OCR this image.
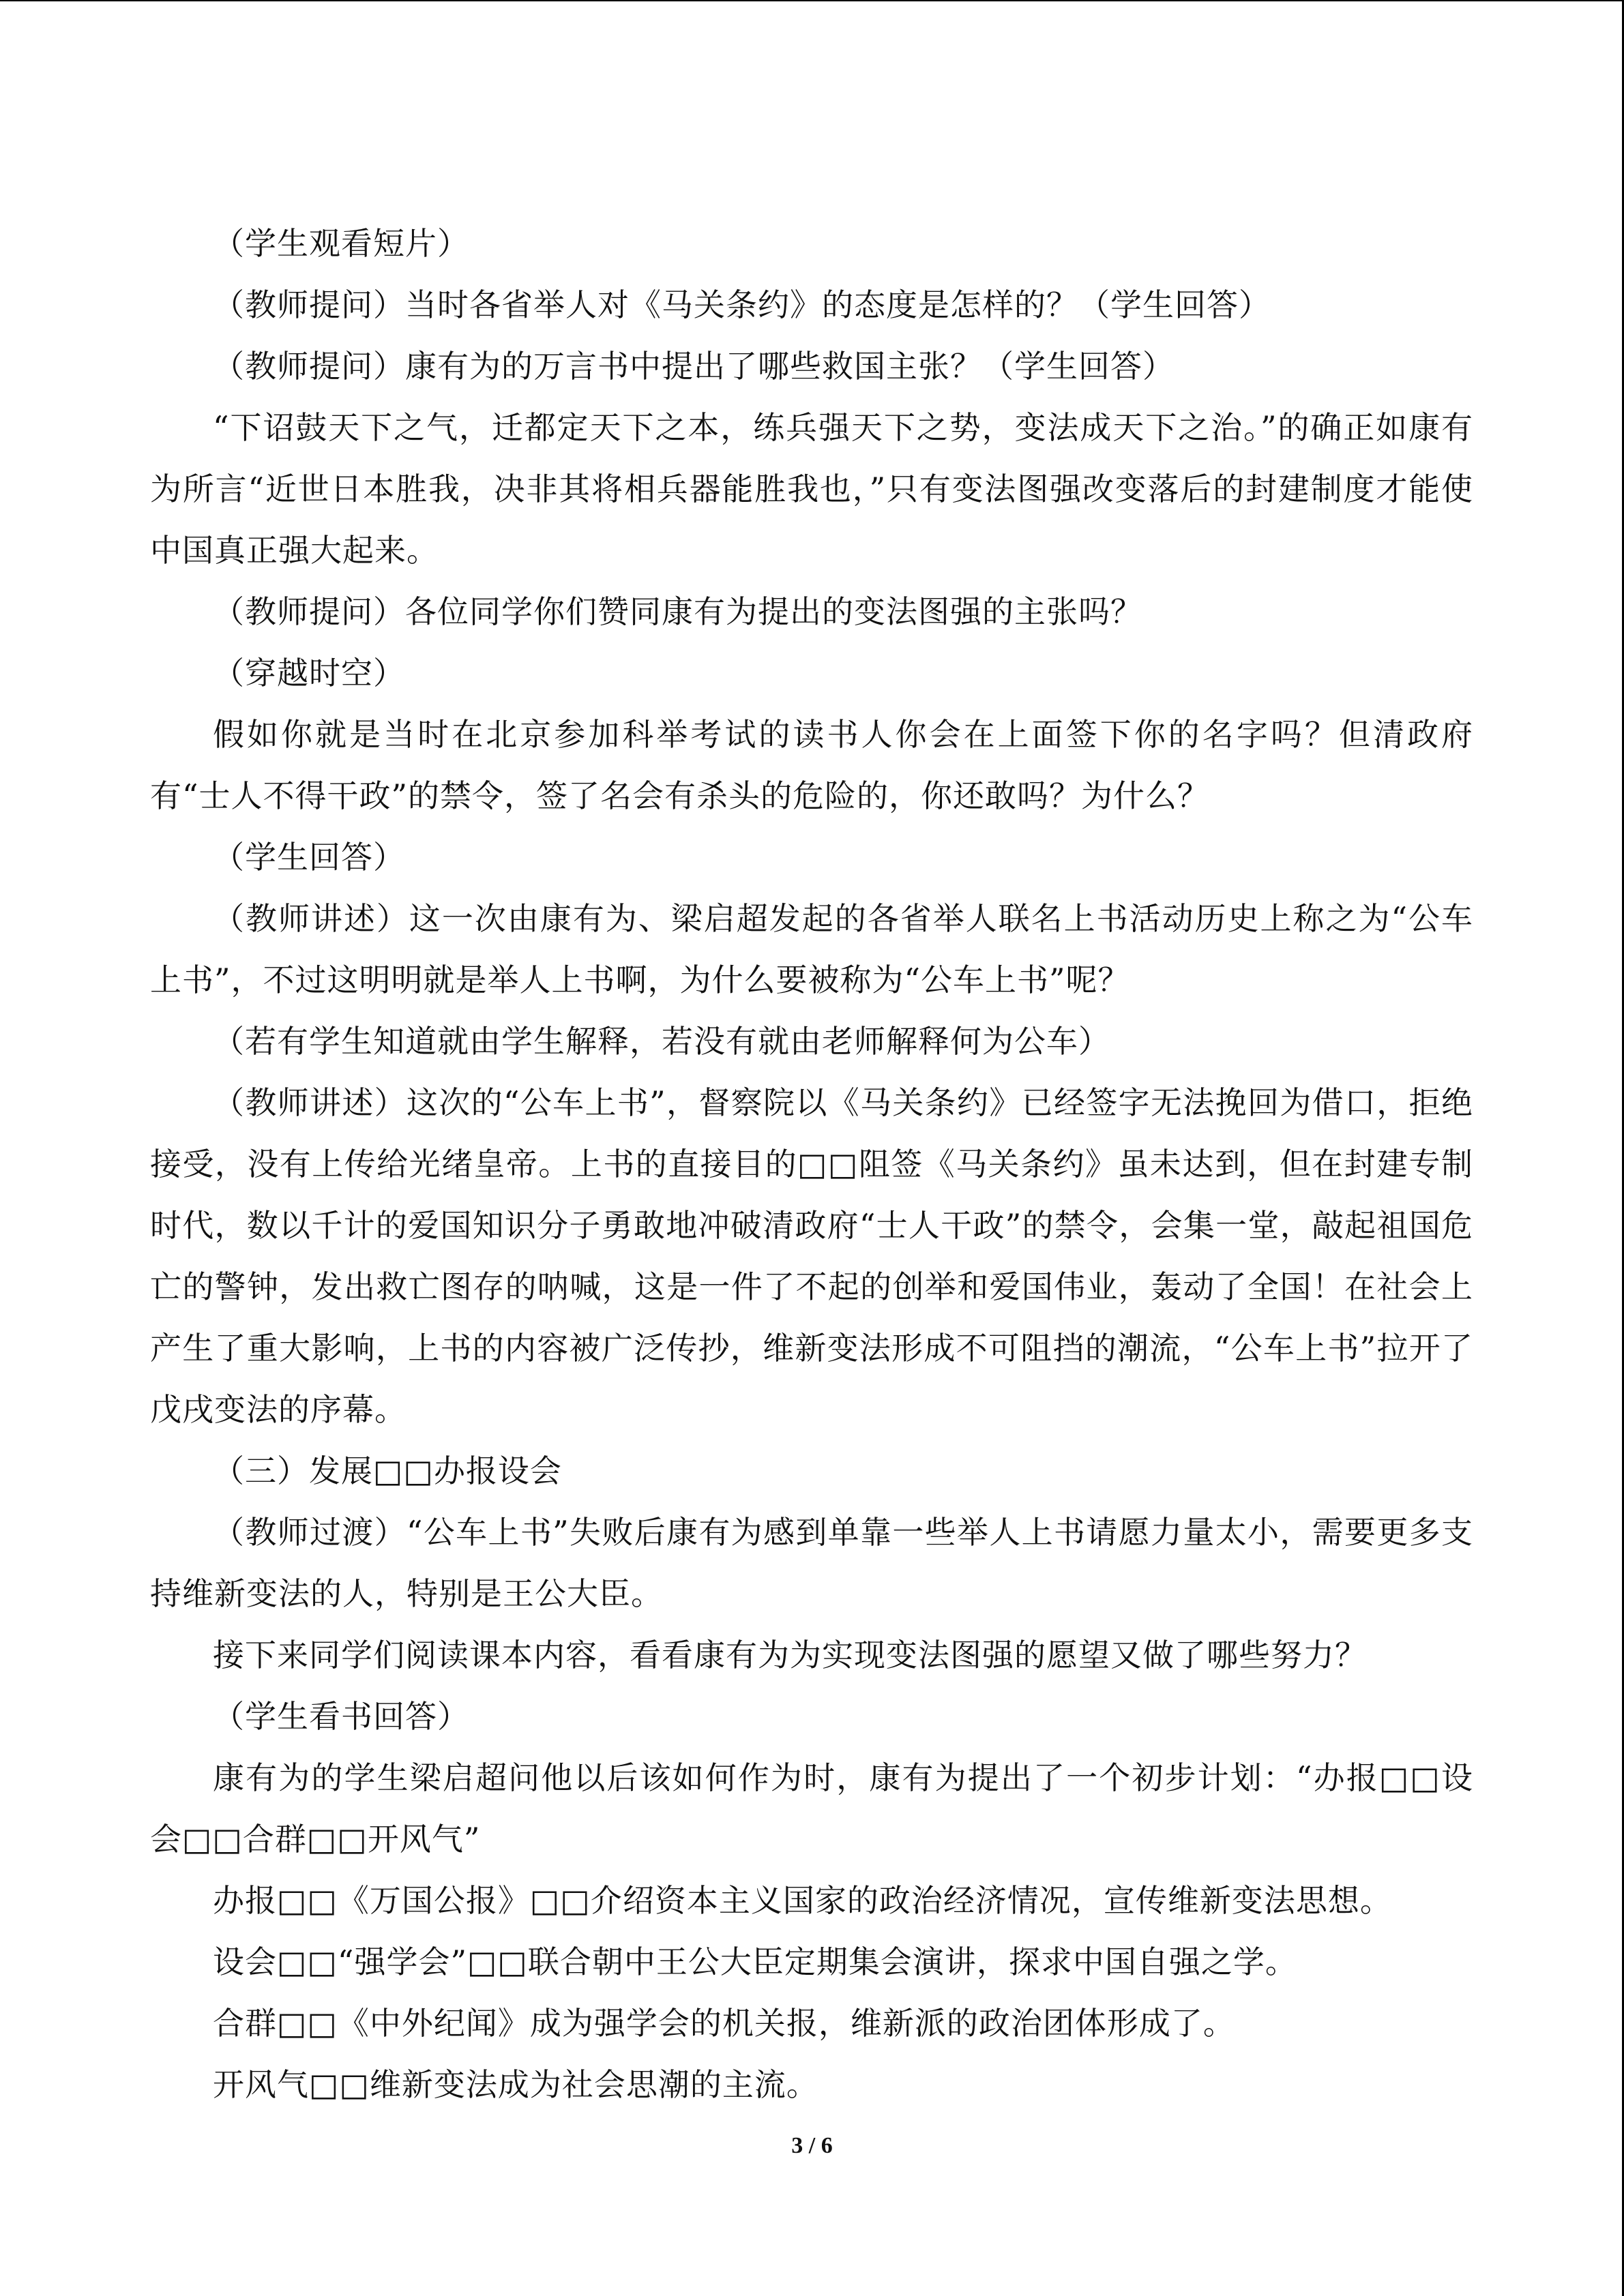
（学生观看短片）

（教师提问）当时各省举人对《马关条约》的态度是怎样的？（学生回答）

（教师提问）康有为的万言书中提出了哪些救国主张？（学生回答）

“下诏鼓天下之气，迁都定天下之本，练兵强天下之势，变法成天下之治。”的确正如康有为所言“近世日本胜我，决非其将相兵器能胜我也，”只有变法图强改变落后的封建制度才能使中国真正强大起来。

（教师提问）各位同学你们赞同康有为提出的变法图强的主张吗？

（穿越时空）

假如你就是当时在北京参加科举考试的读书人你会在上面签下你的名字吗？但清政府有“士人不得干政”的禁令，签了名会有杀头的危险的，你还敢吗？为什么？

（学生回答）

（教师讲述）这一次由康有为、梁启超发起的各省举人联名上书活动历史上称之为“公车上书”，不过这明明就是举人上书啊，为什么要被称为“公车上书”呢？

（若有学生知道就由学生解释，若没有就由老师解释何为公车）

（教师讲述）这次的“公车上书”，督察院以《马关条约》已经签字无法挽回为借口，拒绝接受，没有上传给光绪皇帝。上书的直接目的□□阻签《马关条约》虽未达到，但在封建专制时代，数以千计的爱国知识分子勇敢地冲破清政府“士人干政”的禁令，会集一堂，敲起祖国危亡的警钟，发出救亡图存的呐喊，这是一件了不起的创举和爱国伟业，轰动了全国！在社会上产生了重大影响，上书的内容被广泛传抄，维新变法形成不可阻挡的潮流，“公车上书”拉开了戊戌变法的序幕。

（三）发展□□办报设会

（教师过渡）“公车上书”失败后康有为感到单靠一些举人上书请愿力量太小，需要更多支持维新变法的人，特别是王公大臣。

接下来同学们阅读课本内容，看看康有为为实现变法图强的愿望又做了哪些努力？

（学生看书回答）

康有为的学生梁启超问他以后该如何作为时，康有为提出了一个初步计划：“办报□□设会□□合群□□开风气”

办报□□《万国公报》□□介绍资本主义国家的政治经济情况，宣传维新变法思想。

设会□□“强学会”□□联合朝中王公大臣定期集会演讲，探求中国自强之学。

合群□□《中外纪闻》成为强学会的机关报，维新派的政治团体形成了。

开风气□□维新变法成为社会思潮的主流。

3 / 6
